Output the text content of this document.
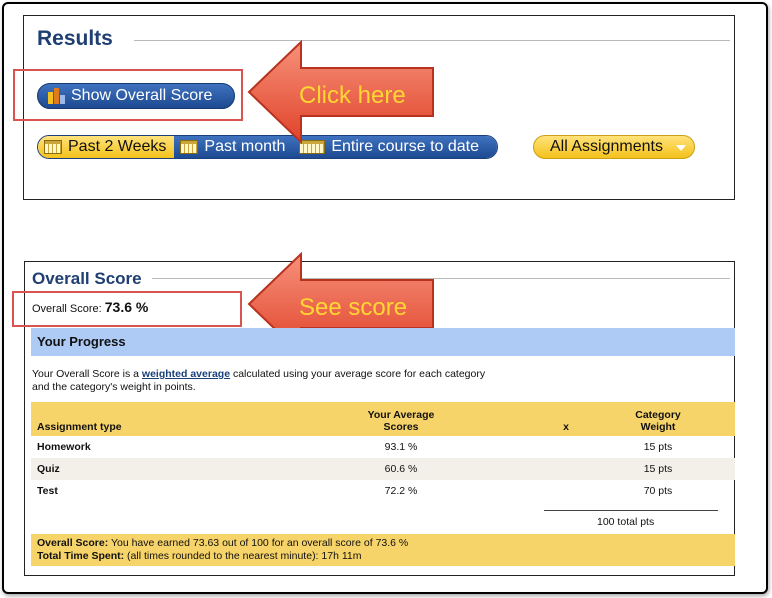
Results
Show Overall Score
Past 2 Weeks Past month	Entire course to date	All Assignments
Click here
Overall Score
Overall Score: 73.6 %	See score
Your Progress
Your Overall Score is a weighted average calculated using your average score for each category
and the category's weight in points.
Assignment type	Your Average Scores	x	Category Weight
Homework	93.1 %		15 pts
Quiz	60.6 %		15 pts
Test	72.2 %		70 pts
100 total pts
Overall Score: You have earned 73.63 out of 100 for an overall score of 73.6 %
Total Time Spent: (all times rounded to the nearest minute): 17h 11m
